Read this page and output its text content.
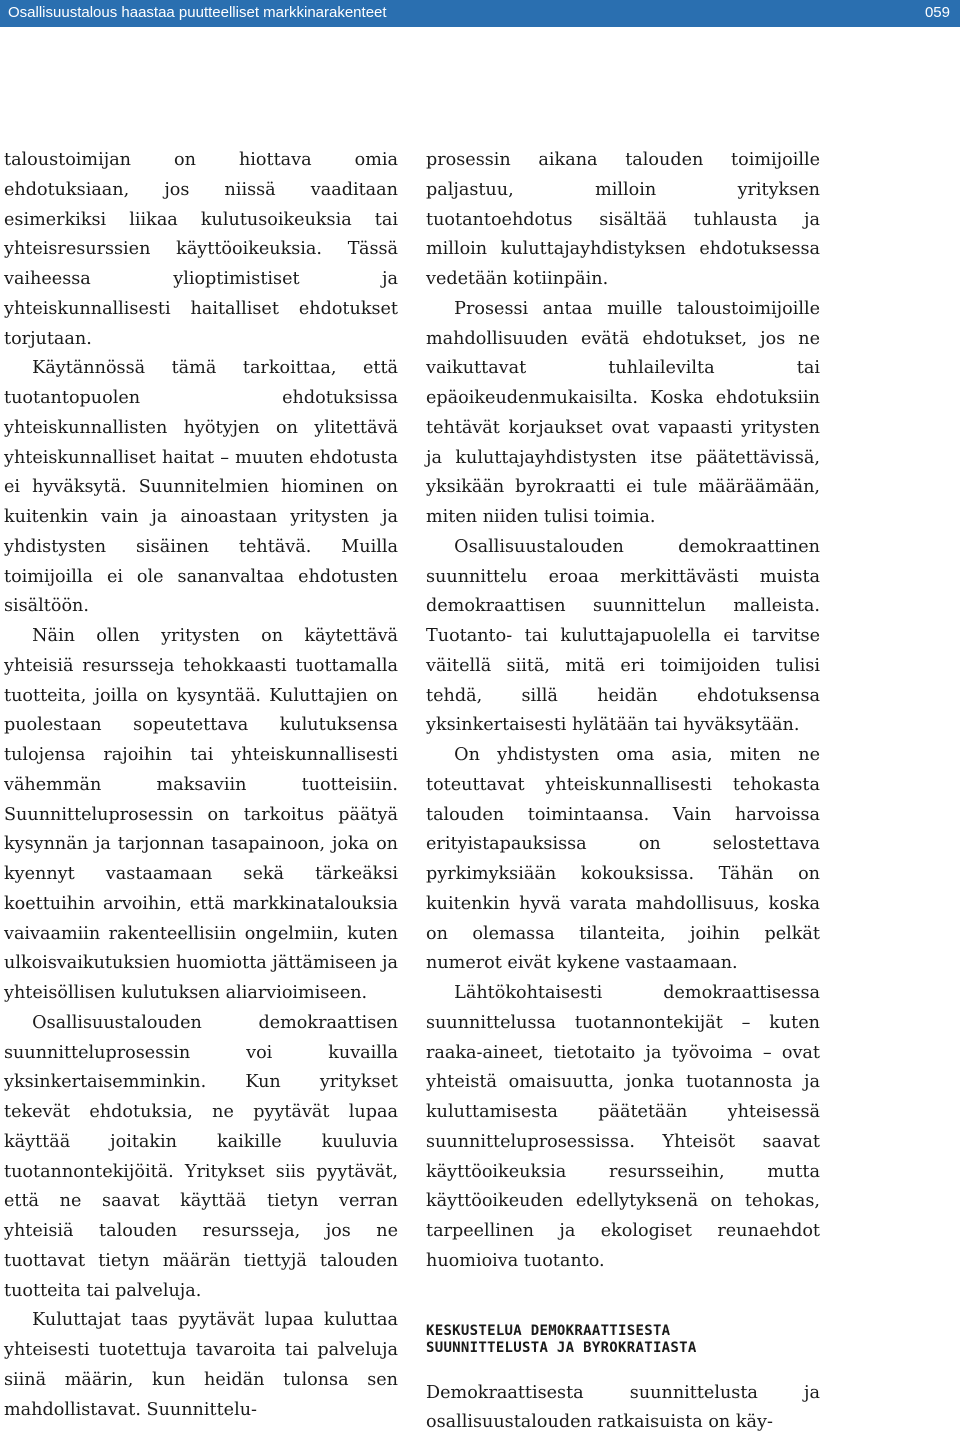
Osallisuustalous haastaa puutteelliset markkinarakenteet	059

taloustoimijan on hiottava omia ehdotuksiaan, jos niissä vaaditaan esimerkiksi liikaa kulutusoikeuksia tai yhteisresurssien käyttöoikeuksia. Tässä vaiheessa ylioptimistiset ja yhteiskunnallisesti haitalliset ehdotukset torjutaan.

Käytännössä tämä tarkoittaa, että tuotantopuolen ehdotuksissa yhteiskunnallisten hyötyjen on ylitettävä yhteiskunnalliset haitat – muuten ehdotusta ei hyväksytä. Suunnitelmien hiominen on kuitenkin vain ja ainoastaan yritysten ja yhdistysten sisäinen tehtävä. Muilla toimijoilla ei ole sananvaltaa ehdotusten sisältöön.

Näin ollen yritysten on käytettävä yhteisiä resursseja tehokkaasti tuottamalla tuotteita, joilla on kysyntää. Kuluttajien on puolestaan sopeutettava kulutuksensa tulojensa rajoihin tai yhteiskunnallisesti vähemmän maksaviin tuotteisiin. Suunnitteluprosessin on tarkoitus päätyä kysynnän ja tarjonnan tasapainoon, joka on kyennyt vastaamaan sekä tärkeäksi koettuihin arvoihin, että markkinatalouksia vaivaamiin rakenteellisiin ongelmiin, kuten ulkoisvaikutuksien huomiotta jättämiseen ja yhteisöllisen kulutuksen aliarvioimiseen.

Osallisuustalouden demokraattisen suunnitteluprosessin voi kuvailla yksinkertaisemminkin. Kun yritykset tekevät ehdotuksia, ne pyytävät lupaa käyttää joitakin kaikille kuuluvia tuotannontekijöitä. Yritykset siis pyytävät, että ne saavat käyttää tietyn verran yhteisiä talouden resursseja, jos ne tuottavat tietyn määrän tiettyjä talouden tuotteita tai palveluja.

Kuluttajat taas pyytävät lupaa kuluttaa yhteisesti tuotettuja tavaroita tai palveluja siinä määrin, kun heidän tulonsa sen mahdollistavat. Suunnittelu-

prosessin aikana talouden toimijoille paljastuu, milloin yrityksen tuotantoehdotus sisältää tuhlausta ja milloin kuluttajayhdistyksen ehdotuksessa vedetään kotiinpäin.

Prosessi antaa muille taloustoimijoille mahdollisuuden evätä ehdotukset, jos ne vaikuttavat tuhlailevilta tai epäoikeudenmukaisilta. Koska ehdotuksiin tehtävät korjaukset ovat vapaasti yritysten ja kuluttajayhdistysten itse päätettävissä, yksikään byrokraatti ei tule määräämään, miten niiden tulisi toimia.

Osallisuustalouden demokraattinen suunnittelu eroaa merkittävästi muista demokraattisen suunnittelun malleista. Tuotanto- tai kuluttajapuolella ei tarvitse väitellä siitä, mitä eri toimijoiden tulisi tehdä, sillä heidän ehdotuksensa yksinkertaisesti hylätään tai hyväksytään.

On yhdistysten oma asia, miten ne toteuttavat yhteiskunnallisesti tehokasta talouden toimintaansa. Vain harvoissa erityistapauksissa on selostettava pyrkimyksiään kokouksissa. Tähän on kuitenkin hyvä varata mahdollisuus, koska on olemassa tilanteita, joihin pelkät numerot eivät kykene vastaamaan.

Lähtökohtaisesti demokraattisessa suunnittelussa tuotannontekijät – kuten raaka-aineet, tietotaito ja työvoima – ovat yhteistä omaisuutta, jonka tuotannosta ja kuluttamisesta päätetään yhteisessä suunnitteluprosessissa. Yhteisöt saavat käyttöoikeuksia resursseihin, mutta käyttöoikeuden edellytyksenä on tehokas, tarpeellinen ja ekologiset reunaehdot huomioiva tuotanto.

KESKUSTELUA DEMOKRAATTISESTA
SUUNNITTELUSTA JA BYROKRATIASTA

Demokraattisesta suunnittelusta ja osallisuustalouden ratkaisuista on käy-
